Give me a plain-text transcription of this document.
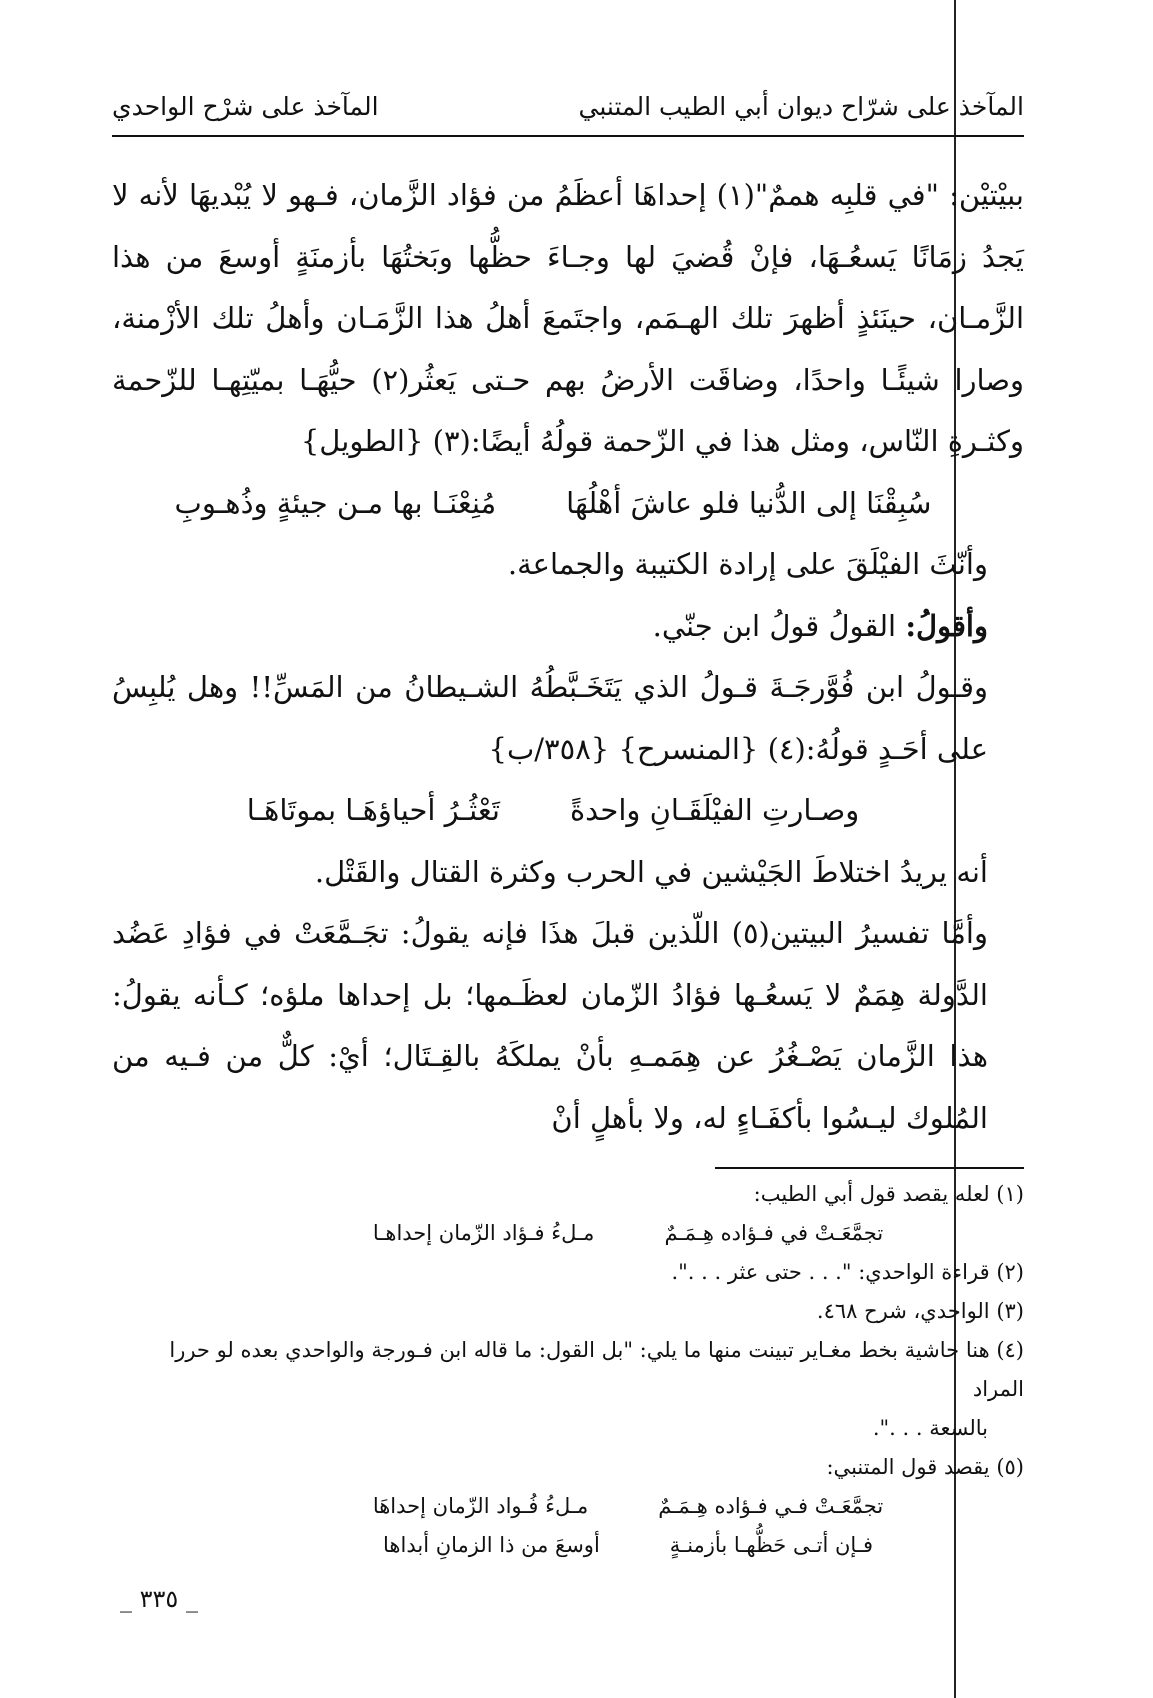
المآخذ على شرّاح ديوان أبي الطيب المتنبي
المآخذ على شرْح الواحدي

ببيْتيْن: "في قلبِه هممٌ"(١) إحداهَا أعظَمُ من فؤاد الزَّمان، فـهو لا يُبْديهَا لأنه لا يَجدُ زمَانًا يَسعُـهَا، فإنْ قُضيَ لها وجـاءَ حظُّها وبَختُهَا بأزمنَةٍ أوسعَ من هذا الزَّمـان، حينَئذٍ أظهرَ تلك الهـمَم، واجتَمعَ أهلُ هذا الزَّمَـان وأهلُ تلك الأزْمنة، وصارا شيئًـا واحدًا، وضاقَت الأرضُ بهم حـتى يَعثُر(٢) حيُّهَـا بميّتِهـا للزّحمة وكثـرةِ النّاس، ومثل هذا في الزّحمة قولُهُ أيضًا:(٣) {الطويل}

سُبِقْنَا إلى الدُّنيا فلو عاشَ أهْلُهَا
مُنِعْنَـا بها مـن جيئةٍ وذُهـوبِ

وأنّثَ الفيْلَقَ على إرادة الكتيبة والجماعة.

وأقولُ: القولُ قولُ ابن جنّي.

وقـولُ ابن فُوَّرجَـةَ قـولُ الذي يَتَخَـبَّطُهُ الشـيطانُ من المَسِّ!! وهل يُلبِسُ على أحَـدٍ قولُهُ:(٤) {المنسرح} {٣٥٨/ب}

وصـارتِ الفيْلَقَـانِ واحدةً
تَعْثُـرُ أحياؤهَـا بموتَاهَـا

أنه يريدُ اختلاطَ الجَيْشين في الحرب وكثرة القتال والقَتْل.

وأمَّا تفسيرُ البيتين(٥) اللّذين قبلَ هذَا فإنه يقولُ: تجَـمَّعَتْ في فؤادِ عَضُد الدَّولة هِمَمٌ لا يَسعُـها فؤادُ الزّمان لعظَـمها؛ بل إحداها ملؤه؛ كـأنه يقولُ: هذا الزَّمان يَصْـغُرُ عن هِمَمـهِ بأنْ يملكَهُ بالقِـتَال؛ أيْ: كلٌّ من فـيه من المُلوك ليـسُوا بأكفَـاءٍ له، ولا بأهلٍ أنْ

(١) لعله يقصد قول أبي الطيب:

تجمَّعَـتْ في فـؤاده هِـمَـمٌ
مـلءُ فـؤاد الزّمان إحداهـا

(٢) قراءة الواحدي: ". . . حتى عثر . . .".

(٣) الواحدي، شرح ٤٦٨.

(٤) هنا حاشية بخط مغـاير تبينت منها ما يلي: "بل القول: ما قاله ابن فـورجة والواحدي بعده لو حررا المراد

بالسعة . . .".

(٥) يقصد قول المتنبي:

تجمَّعَـتْ فـي فـؤاده هِـمَـمٌ
مـلءُ فُـواد الزّمان إحداهَا
فـإن أتـى حَظُّهـا بأزمنـةٍ
أوسعَ من ذا الزمانِ أبداها
_ ٣٣٥ _
